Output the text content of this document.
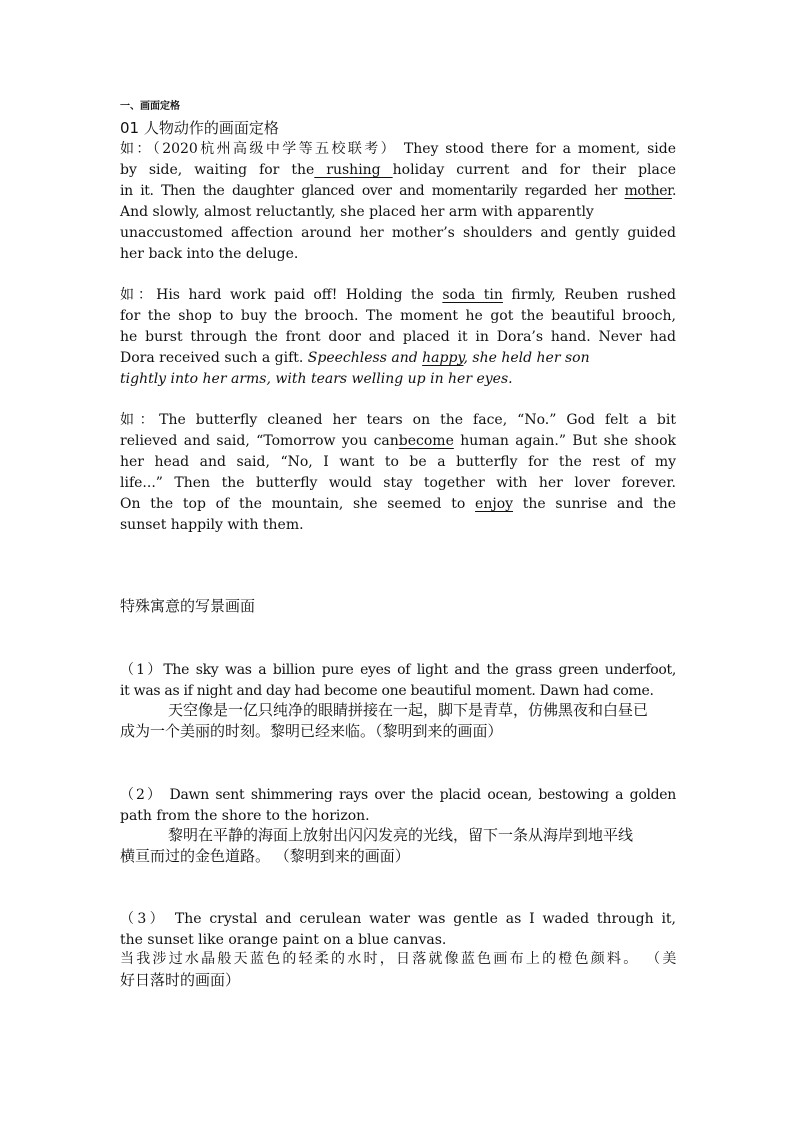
一、画面定格
01 人物动作的画面定格
如：（2020杭州高级中学等五校联考） They stood there for a moment, side
by side, waiting for the rushing holiday current and for their place
in it. Then the daughter glanced over and momentarily regarded her mother.
And slowly, almost reluctantly, she placed her arm with apparently
unaccustomed affection around her mother’s shoulders and gently guided
her back into the deluge.
如：His hard work paid off! Holding the soda tin firmly, Reuben rushed
for the shop to buy the brooch. The moment he got the beautiful brooch,
he burst through the front door and placed it in Dora’s hand. Never had
Dora received such a gift. Speechless and happy, she held her son
tightly into her arms, with tears welling up in her eyes.
如：The butterfly cleaned her tears on the face, “No.” God felt a bit
relieved and said, “Tomorrow you canbecome human again.” But she shook
her head and said, “No, I want to be a butterfly for the rest of my
life...” Then the butterfly would stay together with her lover forever.
On the top of the mountain, she seemed to enjoy the sunrise and the
sunset happily with them.
特殊寓意的写景画面
（1）The sky was a billion pure eyes of light and the grass green underfoot,
it was as if night and day had become one beautiful moment. Dawn had come.
天空像是一亿只纯净的眼睛拼接在一起，脚下是青草，仿佛黑夜和白昼已
成为一个美丽的时刻。黎明已经来临。（黎明到来的画面）
（2） Dawn sent shimmering rays over the placid ocean, bestowing a golden
path from the shore to the horizon.
黎明在平静的海面上放射出闪闪发亮的光线，留下一条从海岸到地平线
横亘而过的金色道路。 （黎明到来的画面）
（3） The crystal and cerulean water was gentle as I waded through it,
the sunset like orange paint on a blue canvas.
当我涉过水晶般天蓝色的轻柔的水时，日落就像蓝色画布上的橙色颜料。 （美
好日落时的画面）
